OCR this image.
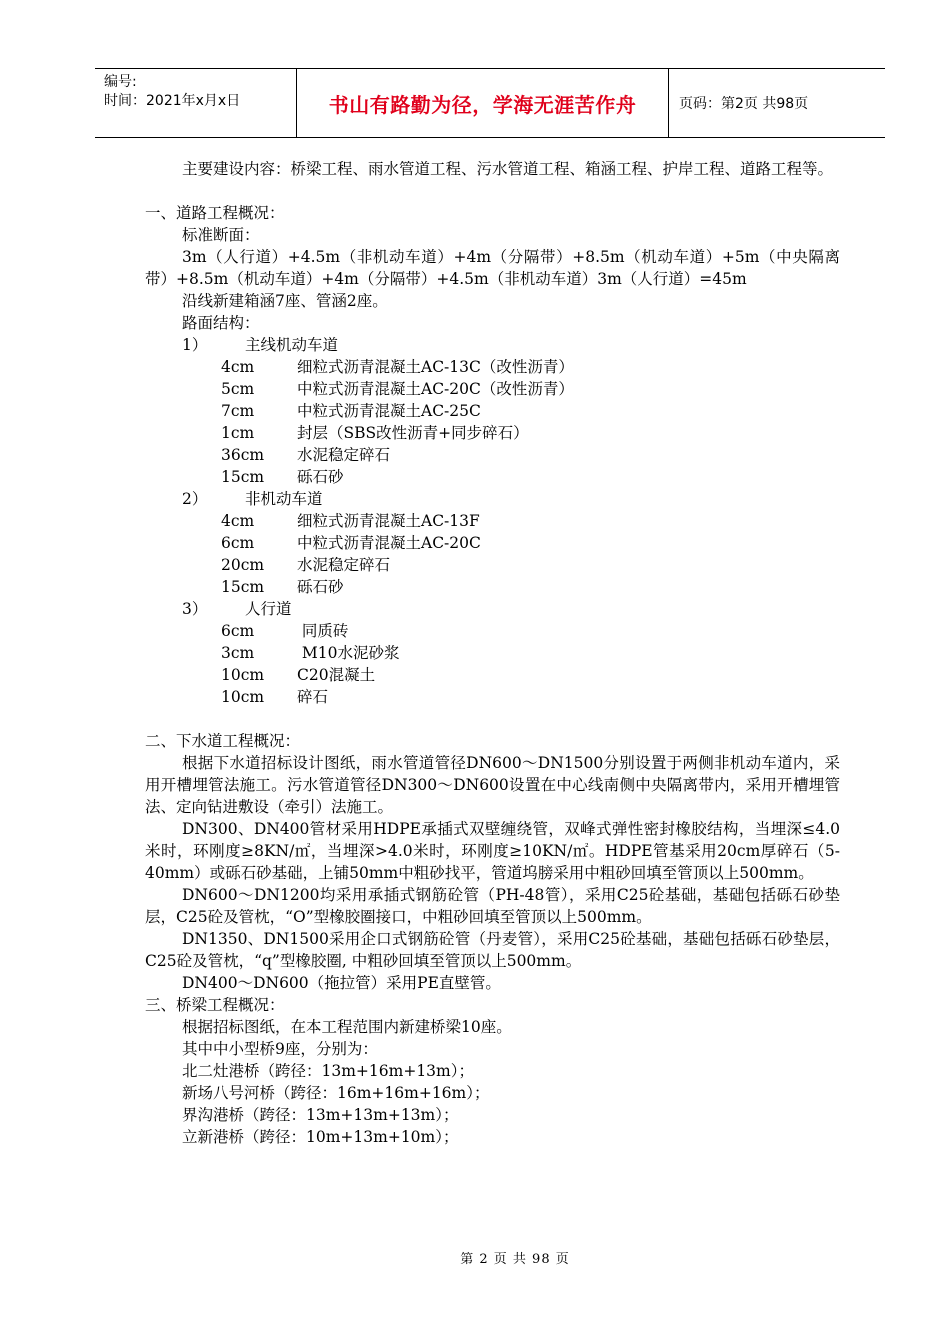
编号:
时间：2021年x月x日	书山有路勤为径，学海无涯苦作舟	页码：第2页 共98页

主要建设内容：桥梁工程、雨水管道工程、污水管道工程、箱涵工程、护岸工程、道路工程等。

一、道路工程概况：

标准断面：

3m（人行道）+4.5m（非机动车道）+4m（分隔带）+8.5m（机动车道）+5m（中央隔离带）+8.5m（机动车道）+4m（分隔带）+4.5m（非机动车道）3m（人行道）=45m

沿线新建箱涵7座、管涵2座。

路面结构：

1）	主线机动车道
4cm	细粒式沥青混凝土AC-13C（改性沥青）
5cm	中粒式沥青混凝土AC-20C（改性沥青）
7cm	中粒式沥青混凝土AC-25C
1cm	封层（SBS改性沥青+同步碎石）
36cm	水泥稳定碎石
15cm	砾石砂
2）	非机动车道
4cm	细粒式沥青混凝土AC-13F
6cm	中粒式沥青混凝土AC-20C
20cm	水泥稳定碎石
15cm	砾石砂
3）	人行道
6cm	同质砖
3cm	M10水泥砂浆
10cm	C20混凝土
10cm	碎石

二、下水道工程概况：

根据下水道招标设计图纸，雨水管道管径DN600～DN1500分别设置于两侧非机动车道内，采用开槽埋管法施工。污水管道管径DN300～DN600设置在中心线南侧中央隔离带内，采用开槽埋管法、定向钻进敷设（牵引）法施工。

DN300、DN400管材采用HDPE承插式双壁缠绕管，双峰式弹性密封橡胶结构，当埋深≤4.0米时，环刚度≥8KN/㎡，当埋深>4.0米时，环刚度≥10KN/㎡。HDPE管基采用20cm厚碎石（5-40mm）或砾石砂基础，上铺50mm中粗砂找平，管道坞膀采用中粗砂回填至管顶以上500mm。

DN600～DN1200均采用承插式钢筋砼管（PH-48管），采用C25砼基础，基础包括砾石砂垫层，C25砼及管枕，“O”型橡胶圈接口，中粗砂回填至管顶以上500mm。

DN1350、DN1500采用企口式钢筋砼管（丹麦管），采用C25砼基础，基础包括砾石砂垫层，C25砼及管枕，“q”型橡胶圈, 中粗砂回填至管顶以上500mm。

DN400～DN600（拖拉管）采用PE直壁管。

三、桥梁工程概况：

根据招标图纸，在本工程范围内新建桥梁10座。

其中中小型桥9座，分别为：

北二灶港桥（跨径：13m+16m+13m）；

新场八号河桥（跨径：16m+16m+16m）；

界沟港桥（跨径：13m+13m+13m）；

立新港桥（跨径：10m+13m+10m）；

第 2 页 共 98 页
